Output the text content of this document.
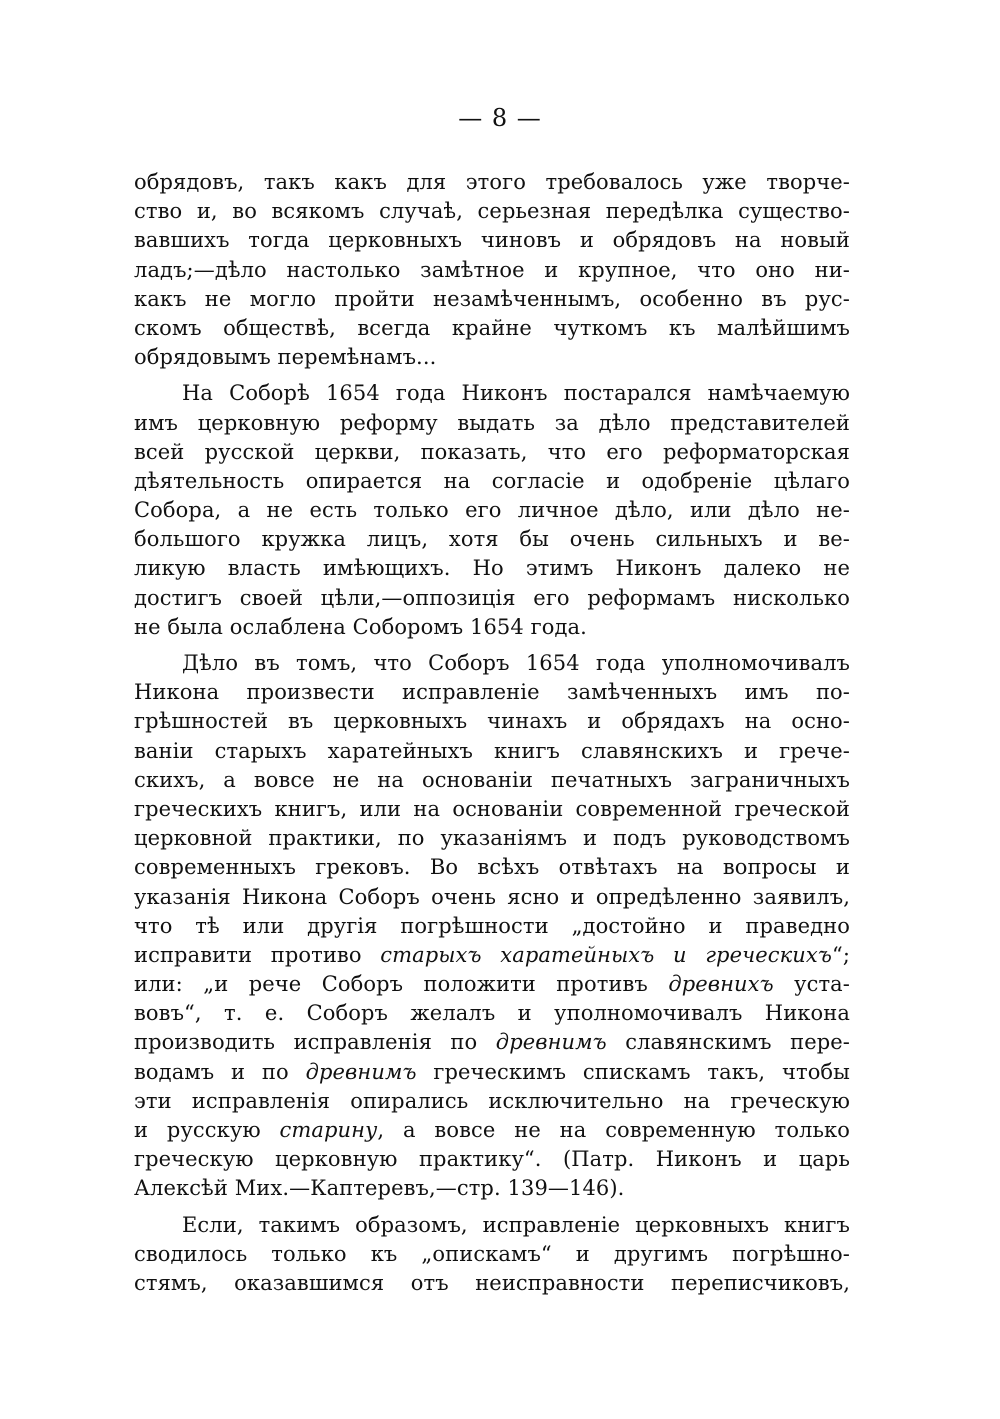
— 8 —
обрядовъ, такъ какъ для этого требовалось уже творче-
ство и, во всякомъ случаѣ, серьезная передѣлка существо-
вавшихъ тогда церковныхъ чиновъ и обрядовъ на новый
ладъ;—дѣло настолько замѣтное и крупное, что оно ни-
какъ не могло пройти незамѣченнымъ, особенно въ рус-
скомъ обществѣ, всегда крайне чуткомъ къ малѣйшимъ
обрядовымъ перемѣнамъ...
На Соборѣ 1654 года Никонъ постарался намѣчаемую
имъ церковную реформу выдать за дѣло представителей
всей русской церкви, показать, что его реформаторская
дѣятельность опирается на согласіе и одобреніе цѣлаго
Собора, а не есть только его личное дѣло, или дѣло не-
большого кружка лицъ, хотя бы очень сильныхъ и ве-
ликую власть имѣющихъ. Но этимъ Никонъ далеко не
достигъ своей цѣли,—оппозиція его реформамъ нисколько
не была ослаблена Соборомъ 1654 года.
Дѣло въ томъ, что Соборъ 1654 года уполномочивалъ
Никона произвести исправленіе замѣченныхъ имъ по-
грѣшностей въ церковныхъ чинахъ и обрядахъ на осно-
ваніи старыхъ харатейныхъ книгъ славянскихъ и грече-
скихъ, а вовсе не на основаніи печатныхъ заграничныхъ
греческихъ книгъ, или на основаніи современной греческой
церковной практики, по указаніямъ и подъ руководствомъ
современныхъ грековъ. Во всѣхъ отвѣтахъ на вопросы и
указанія Никона Соборъ очень ясно и опредѣленно заявилъ,
что тѣ или другія погрѣшности „достойно и праведно
исправити противо старыхъ харатейныхъ и греческихъ“;
или: „и рече Соборъ положити противъ древнихъ уста-
вовъ“, т. е. Соборъ желалъ и уполномочивалъ Никона
производить исправленія по древнимъ славянскимъ пере-
водамъ и по древнимъ греческимъ спискамъ такъ, чтобы
эти исправленія опирались исключительно на греческую
и русскую старину, а вовсе не на современную только
греческую церковную практику“. (Патр. Никонъ и царь
Алексѣй Мих.—Каптеревъ,—стр. 139—146).
Если, такимъ образомъ, исправленіе церковныхъ книгъ
сводилось только къ „опискамъ“ и другимъ погрѣшно-
стямъ, оказавшимся отъ неисправности переписчиковъ,
